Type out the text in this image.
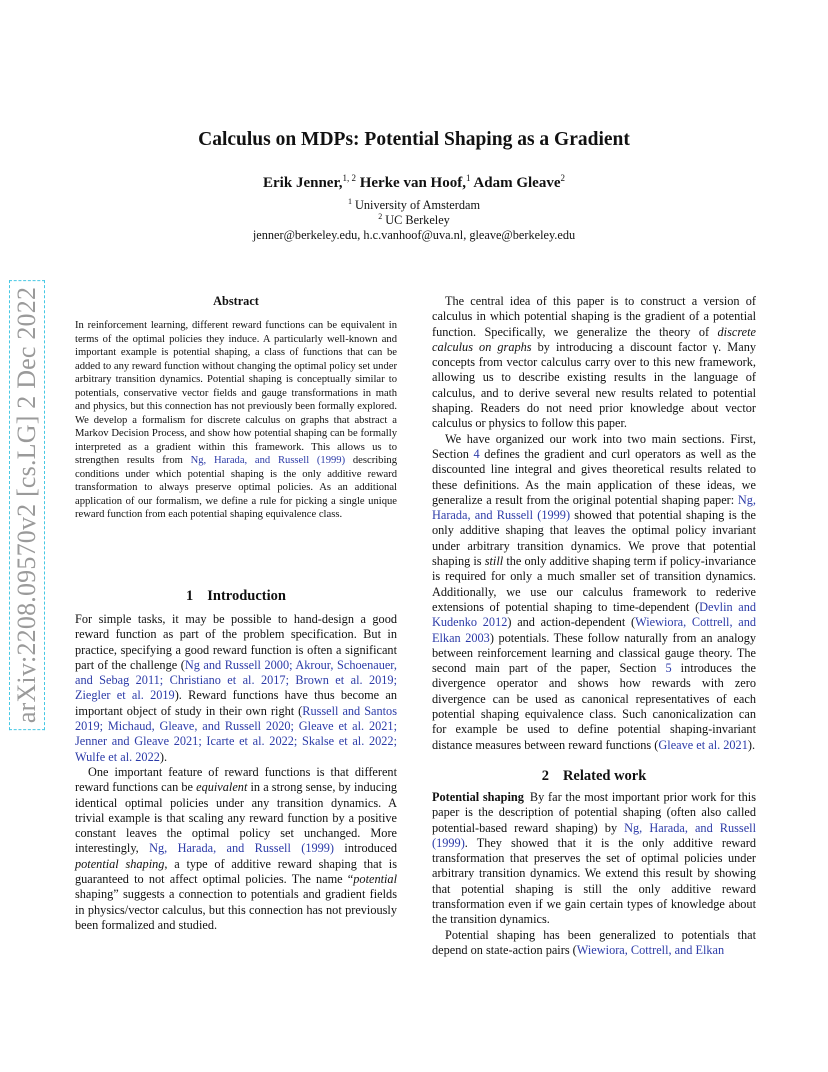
arXiv:2208.09570v2 [cs.LG] 2 Dec 2022
Calculus on MDPs: Potential Shaping as a Gradient
Erik Jenner,$^{1, 2}$ Herke van Hoof,$^1$ Adam Gleave$^2$
$^1$ University of Amsterdam
$^2$ UC Berkeley
jenner@berkeley.edu, h.c.vanhoof@uva.nl, gleave@berkeley.edu
Abstract
In reinforcement learning, different reward functions can be equivalent in terms of the optimal policies they induce. A particularly well-known and important example is potential shaping, a class of functions that can be added to any reward function without changing the optimal policy set under arbitrary transition dynamics. Potential shaping is conceptually similar to potentials, conservative vector fields and gauge transformations in math and physics, but this connection has not previously been formally explored. We develop a formalism for discrete calculus on graphs that abstract a Markov Decision Process, and show how potential shaping can be formally interpreted as a gradient within this framework. This allows us to strengthen results from Ng, Harada, and Russell (1999) describing conditions under which potential shaping is the only additive reward transformation to always preserve optimal policies. As an additional application of our formalism, we define a rule for picking a single unique reward function from each potential shaping equivalence class.
1 Introduction

For simple tasks, it may be possible to hand-design a good reward function as part of the problem specification. But in practice, specifying a good reward function is often a significant part of the challenge (Ng and Russell 2000; Akrour, Schoenauer, and Sebag 2011; Christiano et al. 2017; Brown et al. 2019; Ziegler et al. 2019). Reward functions have thus become an important object of study in their own right (Russell and Santos 2019; Michaud, Gleave, and Russell 2020; Gleave et al. 2021; Jenner and Gleave 2021; Icarte et al. 2022; Skalse et al. 2022; Wulfe et al. 2022).

One important feature of reward functions is that different reward functions can be equivalent in a strong sense, by inducing identical optimal policies under any transition dynamics. A trivial example is that scaling any reward function by a positive constant leaves the optimal policy set unchanged. More interestingly, Ng, Harada, and Russell (1999) introduced potential shaping, a type of additive reward shaping that is guaranteed to not affect optimal policies. The name “potential shaping” suggests a connection to potentials and gradient fields in physics/vector calculus, but this connection has not previously been formalized and studied.

The central idea of this paper is to construct a version of calculus in which potential shaping is the gradient of a potential function. Specifically, we generalize the theory of discrete calculus on graphs by introducing a discount factor γ. Many concepts from vector calculus carry over to this new framework, allowing us to describe existing results in the language of calculus, and to derive several new results related to potential shaping. Readers do not need prior knowledge about vector calculus or physics to follow this paper.

We have organized our work into two main sections. First, Section 4 defines the gradient and curl operators as well as the discounted line integral and gives theoretical results related to these definitions. As the main application of these ideas, we generalize a result from the original potential shaping paper: Ng, Harada, and Russell (1999) showed that potential shaping is the only additive shaping that leaves the optimal policy invariant under arbitrary transition dynamics. We prove that potential shaping is still the only additive shaping term if policy-invariance is required for only a much smaller set of transition dynamics. Additionally, we use our calculus framework to rederive extensions of potential shaping to time-dependent (Devlin and Kudenko 2012) and action-dependent (Wiewiora, Cottrell, and Elkan 2003) potentials. These follow naturally from an analogy between reinforcement learning and classical gauge theory. The second main part of the paper, Section 5 introduces the divergence operator and shows how rewards with zero divergence can be used as canonical representatives of each potential shaping equivalence class. Such canonicalization can for example be used to define potential shaping-invariant distance measures between reward functions (Gleave et al. 2021).

2 Related work

Potential shaping By far the most important prior work for this paper is the description of potential shaping (often also called potential-based reward shaping) by Ng, Harada, and Russell (1999). They showed that it is the only additive reward transformation that preserves the set of optimal policies under arbitrary transition dynamics. We extend this result by showing that potential shaping is still the only additive reward transformation even if we gain certain types of knowledge about the transition dynamics.

Potential shaping has been generalized to potentials that depend on state-action pairs (Wiewiora, Cottrell, and Elkan
